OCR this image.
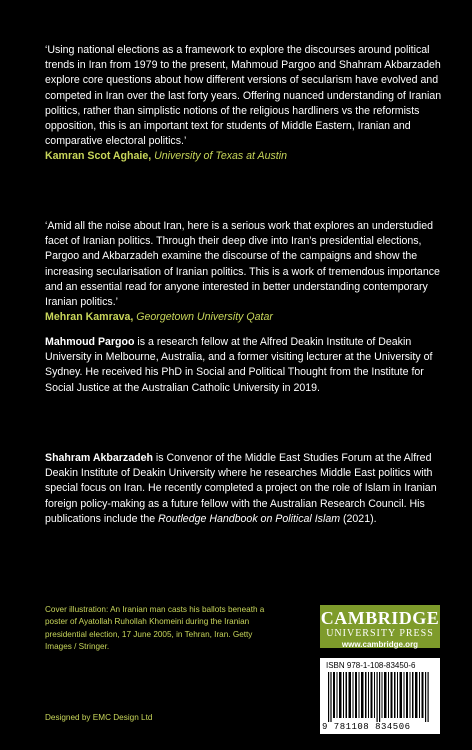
‘Using national elections as a framework to explore the discourses around political trends in Iran from 1979 to the present, Mahmoud Pargoo and Shahram Akbarzadeh explore core questions about how different versions of secularism have evolved and competed in Iran over the last forty years. Offering nuanced understanding of Iranian politics, rather than simplistic notions of the religious hardliners vs the reformists opposition, this is an important text for students of Middle Eastern, Iranian and comparative electoral politics.’
Kamran Scot Aghaie, University of Texas at Austin
‘Amid all the noise about Iran, here is a serious work that explores an understudied facet of Iranian politics. Through their deep dive into Iran’s presidential elections, Pargoo and Akbarzadeh examine the discourse of the campaigns and show the increasing secularisation of Iranian politics. This is a work of tremendous importance and an essential read for anyone interested in better understanding contemporary Iranian politics.’
Mehran Kamrava, Georgetown University Qatar
Mahmoud Pargoo is a research fellow at the Alfred Deakin Institute of Deakin University in Melbourne, Australia, and a former visiting lecturer at the University of Sydney. He received his PhD in Social and Political Thought from the Institute for Social Justice at the Australian Catholic University in 2019.
Shahram Akbarzadeh is Convenor of the Middle East Studies Forum at the Alfred Deakin Institute of Deakin University where he researches Middle East politics with special focus on Iran. He recently completed a project on the role of Islam in Iranian foreign policy-making as a future fellow with the Australian Research Council. His publications include the Routledge Handbook on Political Islam (2021).
Cover illustration: An Iranian man casts his ballots beneath a poster of Ayatollah Ruhollah Khomeini during the Iranian presidential election, 17 June 2005, in Tehran, Iran. Getty Images / Stringer.
Designed by EMC Design Ltd
CAMBRIDGE
UNIVERSITY PRESS
www.cambridge.org
ISBN 978-1-108-83450-6
9 781108 834506
